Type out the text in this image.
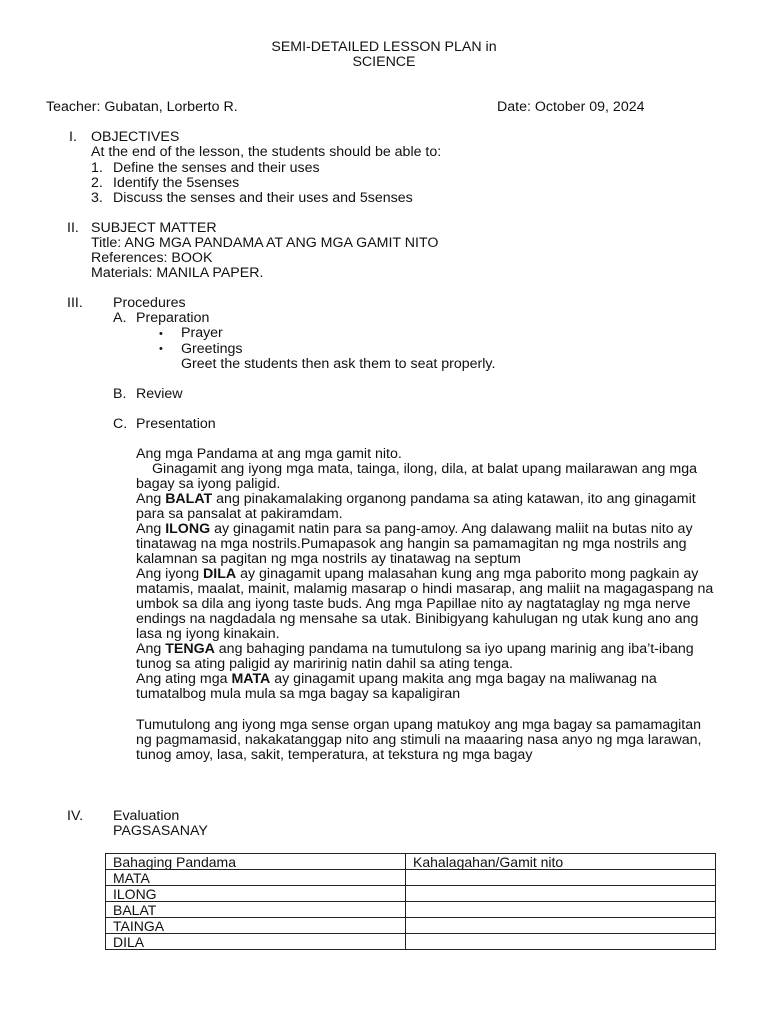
SEMI-DETAILED LESSON PLAN in
SCIENCE
Teacher: Gubatan, Lorberto R.	Date: October 09, 2024
I. OBJECTIVES
At the end of the lesson, the students should be able to:
1. Define the senses and their uses
2. Identify the 5senses
3. Discuss the senses and their uses and 5senses
II. SUBJECT MATTER
Title: ANG MGA PANDAMA AT ANG MGA GAMIT NITO
References: BOOK
Materials: MANILA PAPER.
III. Procedures
A. Preparation
• Prayer
• Greetings
Greet the students then ask them to seat properly.
B. Review
C. Presentation
Ang mga Pandama at ang mga gamit nito.
Ginagamit ang iyong mga mata, tainga, ilong, dila, at balat upang mailarawan ang mga bagay sa iyong paligid.
Ang BALAT ang pinakamalaking organong pandama sa ating katawan, ito ang ginagamit para sa pansalat at pakiramdam.
Ang ILONG ay ginagamit natin para sa pang-amoy. Ang dalawang maliit na butas nito ay tinatawag na mga nostrils.Pumapasok ang hangin sa pamamagitan ng mga nostrils ang kalamnan sa pagitan ng mga nostrils ay tinatawag na septum
Ang iyong DILA ay ginagamit upang malasahan kung ang mga paborito mong pagkain ay matamis, maalat, mainit, malamig masarap o hindi masarap, ang maliit na magagaspang na umbok sa dila ang iyong taste buds. Ang mga Papillae nito ay nagtataglay ng mga nerve endings na nagdadala ng mensahe sa utak. Binibigyang kahulugan ng utak kung ano ang lasa ng iyong kinakain.
Ang TENGA ang bahaging pandama na tumutulong sa iyo upang marinig ang iba’t-ibang tunog sa ating paligid ay maririnig natin dahil sa ating tenga.
Ang ating mga MATA ay ginagamit upang makita ang mga bagay na maliwanag na tumatalbog mula mula sa mga bagay sa kapaligiran
Tumutulong ang iyong mga sense organ upang matukoy ang mga bagay sa pamamagitan ng pagmamasid, nakakatanggap nito ang stimuli na maaaring nasa anyo ng mga larawan, tunog amoy, lasa, sakit, temperatura, at tekstura ng mga bagay
IV. Evaluation
PAGSASANAY
Bahaging Pandama	Kahalagahan/Gamit nito
MATA	
ILONG	
BALAT	
TAINGA	
DILA	
